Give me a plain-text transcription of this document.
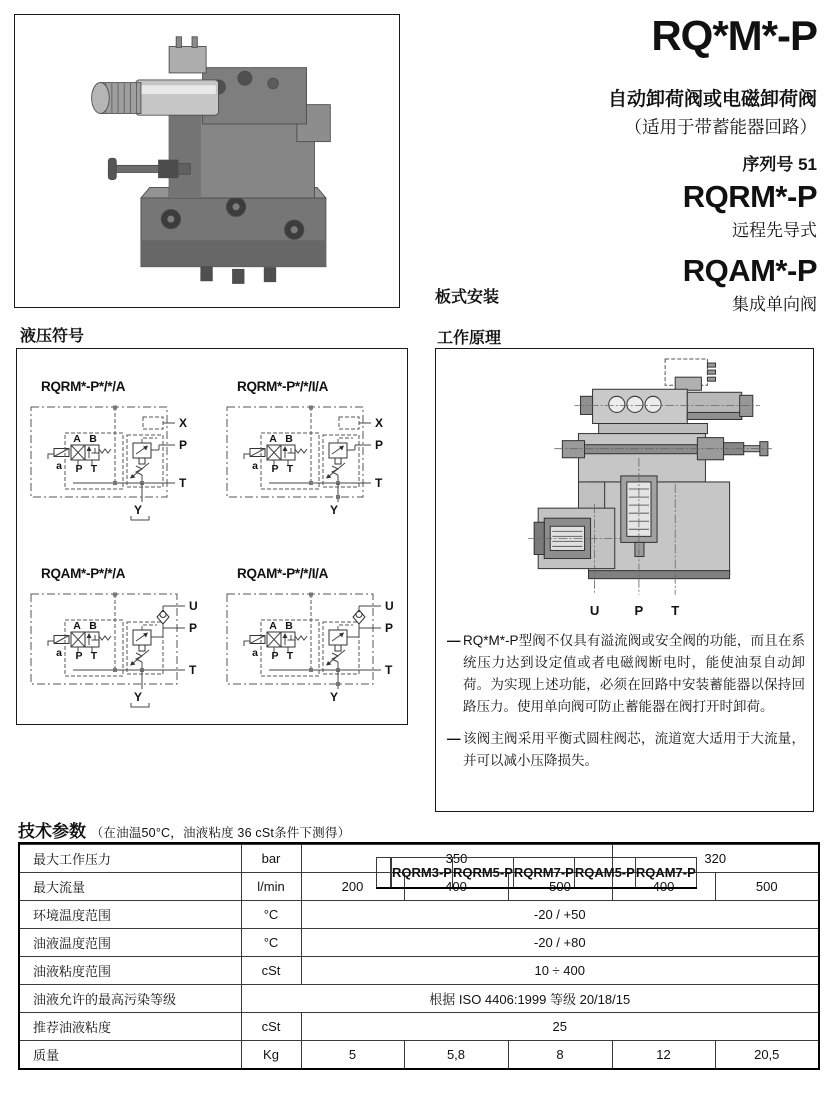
RQ*M*-P
自动卸荷阀或电磁卸荷阀
（适用于带蓄能器回路）
序列号 51
RQRM*-P
远程先导式
RQAM*-P
集成单向阀
板式安装
液压符号
RQRM*-P*/*/A
A B
a P T
X
P
T
Y
RQRM*-P*/*/I/A
A B
a P T
X
P
T
Y
RQAM*-P*/*/A
A B
a P T
U
P
T
Y
RQAM*-P*/*/I/A
A B
a P T
U
P
T
Y
工作原理
U	P T
— RQ*M*-P型阀不仅具有溢流阀或安全阀的功能，而且在系统压力达到设定值或者电磁阀断电时，能使油泵自动卸荷。为实现上述功能，必须在回路中安装蓄能器以保持回路压力。使用单向阀可防止蓄能器在阀打开时卸荷。
— 该阀主阀采用平衡式圆柱阀芯，流道宽大适用于大流量，并可以减小压降损失。
技术参数 （在油温50°C，油液粘度 36 cSt条件下测得）
		RQRM3-P	RQRM5-P	RQRM7-P	RQAM5-P	RQAM7-P
最大工作压力	bar	350	320
最大流量	l/min	200	400	500	400	500
环境温度范围	°C	-20 / +50
油液温度范围	°C	-20 / +80
油液粘度范围	cSt	10 ÷ 400
油液允许的最高污染等级	根据 ISO 4406:1999 等级 20/18/15
推荐油液粘度	cSt	25
质量	Kg	5	5,8	8	12	20,5
